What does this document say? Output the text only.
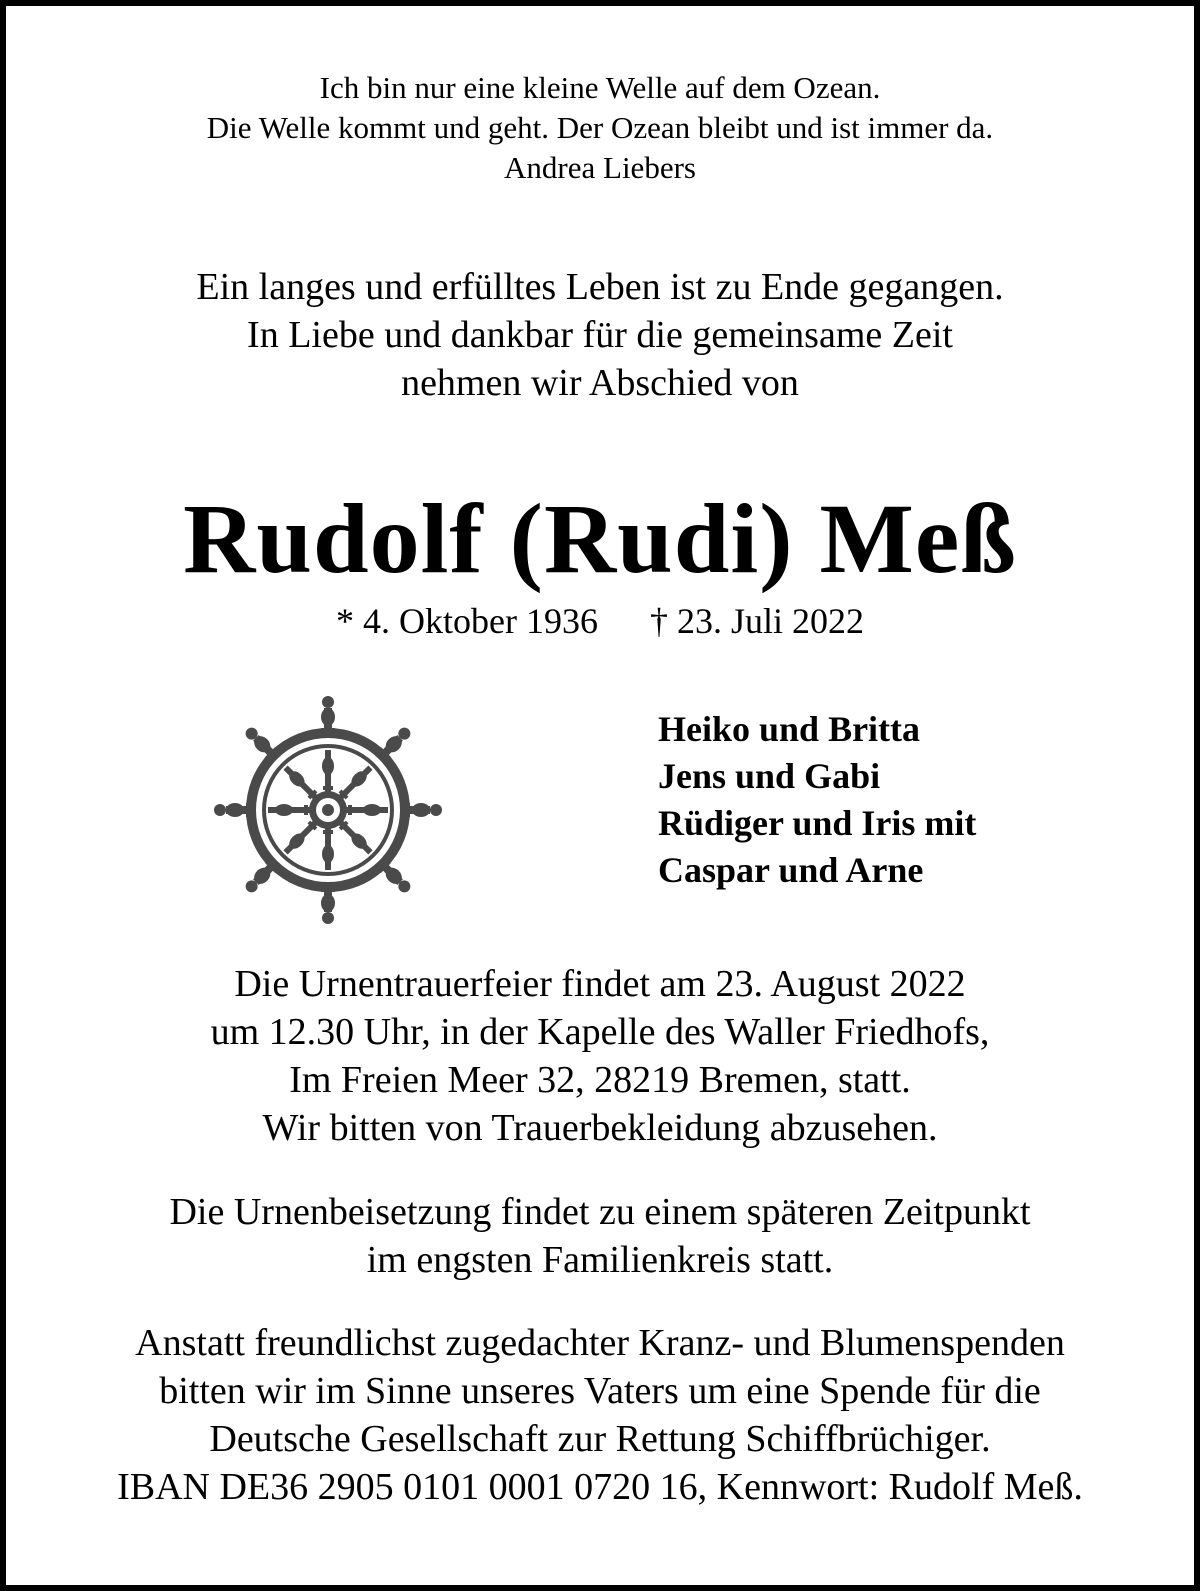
Ich bin nur eine kleine Welle auf dem Ozean.
Die Welle kommt und geht. Der Ozean bleibt und ist immer da.
Andrea Liebers
Ein langes und erfülltes Leben ist zu Ende gegangen.
In Liebe und dankbar für die gemeinsame Zeit
nehmen wir Abschied von
Rudolf (Rudi) Meß
* 4. Oktober 1936 † 23. Juli 2022
Heiko und Britta
Jens und Gabi
Rüdiger und Iris mit
Caspar und Arne
Die Urnentrauerfeier findet am 23. August 2022
um 12.30 Uhr, in der Kapelle des Waller Friedhofs,
Im Freien Meer 32, 28219 Bremen, statt.
Wir bitten von Trauerbekleidung abzusehen.
Die Urnenbeisetzung findet zu einem späteren Zeitpunkt
im engsten Familienkreis statt.
Anstatt freundlichst zugedachter Kranz- und Blumenspenden
bitten wir im Sinne unseres Vaters um eine Spende für die
Deutsche Gesellschaft zur Rettung Schiffbrüchiger.
IBAN DE36 2905 0101 0001 0720 16, Kennwort: Rudolf Meß.
